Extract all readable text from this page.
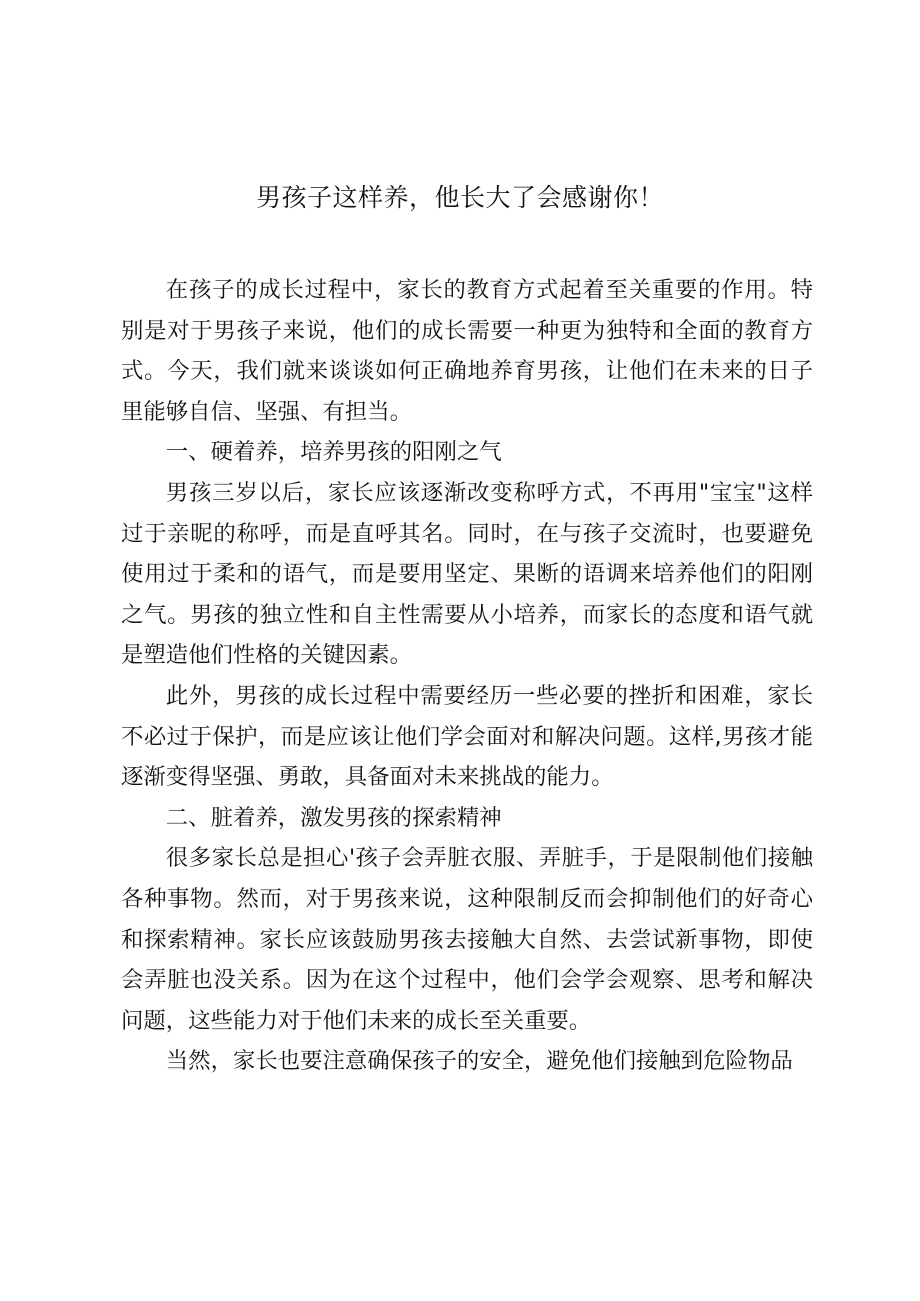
男孩子这样养，他长大了会感谢你！

在孩子的成长过程中，家长的教育方式起着至关重要的作用。特别是对于男孩子来说，他们的成长需要一种更为独特和全面的教育方式。今天，我们就来谈谈如何正确地养育男孩，让他们在未来的日子里能够自信、坚强、有担当。

一、硬着养，培养男孩的阳刚之气

男孩三岁以后，家长应该逐渐改变称呼方式，不再用"宝宝"这样过于亲昵的称呼，而是直呼其名。同时，在与孩子交流时，也要避免使用过于柔和的语气，而是要用坚定、果断的语调来培养他们的阳刚之气。男孩的独立性和自主性需要从小培养，而家长的态度和语气就是塑造他们性格的关键因素。

此外，男孩的成长过程中需要经历一些必要的挫折和困难，家长不必过于保护，而是应该让他们学会面对和解决问题。这样,男孩才能逐渐变得坚强、勇敢，具备面对未来挑战的能力。

二、脏着养，激发男孩的探索精神

很多家长总是担心'孩子会弄脏衣服、弄脏手，于是限制他们接触各种事物。然而，对于男孩来说，这种限制反而会抑制他们的好奇心和探索精神。家长应该鼓励男孩去接触大自然、去尝试新事物，即使会弄脏也没关系。因为在这个过程中，他们会学会观察、思考和解决问题，这些能力对于他们未来的成长至关重要。

当然，家长也要注意确保孩子的安全，避免他们接触到危险物品
